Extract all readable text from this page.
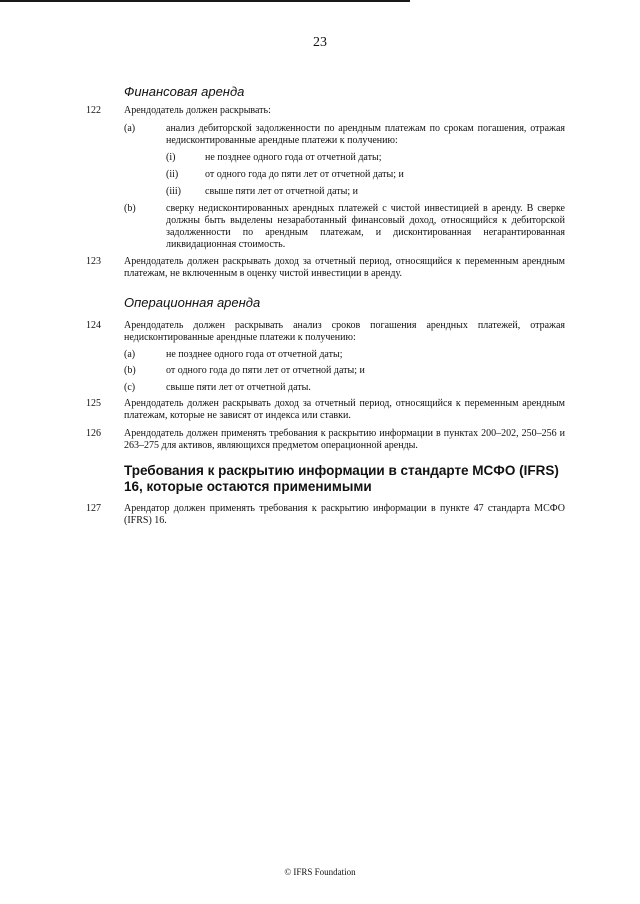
23
Финансовая аренда
122 Арендодатель должен раскрывать:
(a)	анализ дебиторской задолженности по арендным платежам по срокам погашения, отражая недисконтированные арендные платежи к получению:
(i)	не позднее одного года от отчетной даты;
(ii)	от одного года до пяти лет от отчетной даты; и
(iii) свыше пяти лет от отчетной даты; и
(b)	сверку недисконтированных арендных платежей с чистой инвестицией в аренду. В сверке должны быть выделены незаработанный финансовый доход, относящийся к дебиторской задолженности по арендным платежам, и дисконтированная негарантированная ликвидационная стоимость.
123 Арендодатель должен раскрывать доход за отчетный период, относящийся к переменным арендным платежам, не включенным в оценку чистой инвестиции в аренду.
Операционная аренда
124 Арендодатель должен раскрывать анализ сроков погашения арендных платежей, отражая недисконтированные арендные платежи к получению:
(a)	не позднее одного года от отчетной даты;
(b)	от одного года до пяти лет от отчетной даты; и
(c)	свыше пяти лет от отчетной даты.
125 Арендодатель должен раскрывать доход за отчетный период, относящийся к переменным арендным платежам, которые не зависят от индекса или ставки.
126 Арендодатель должен применять требования к раскрытию информации в пунктах 200–202, 250–256 и 263–275 для активов, являющихся предметом операционной аренды.
Требования к раскрытию информации в стандарте МСФО (IFRS) 16, которые остаются применимыми
127 Арендатор должен применять требования к раскрытию информации в пункте 47 стандарта МСФО (IFRS) 16.
© IFRS Foundation
